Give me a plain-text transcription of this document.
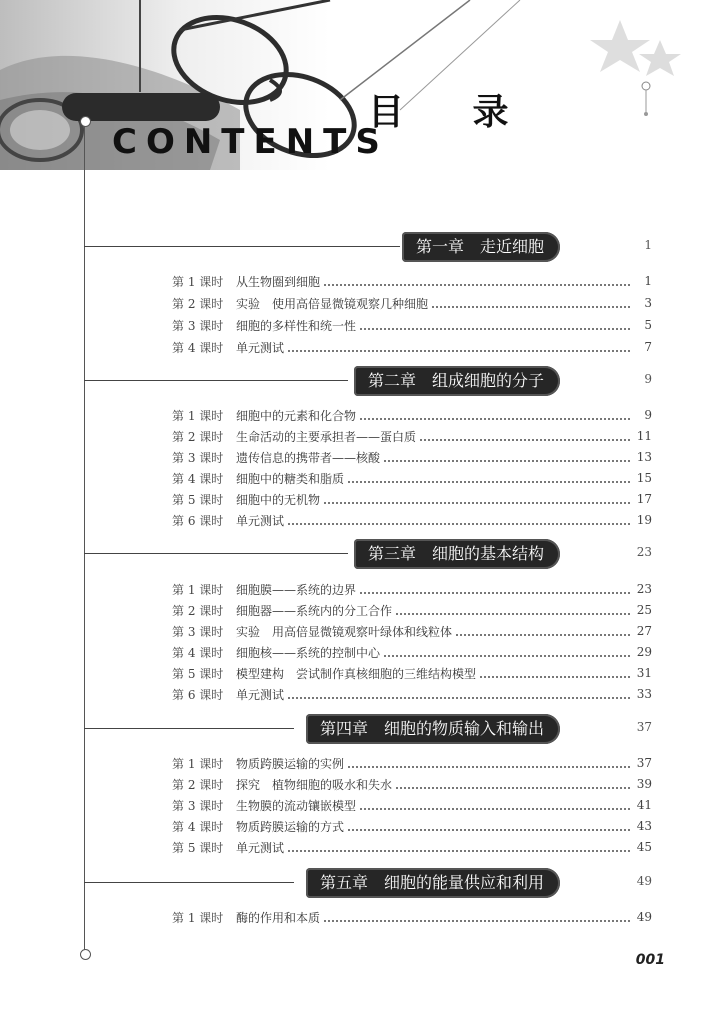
目 录
CONTENTS
第一章　走近细胞	1
第 1 课时	从生物圈到细胞	1
第 2 课时	实验　使用高倍显微镜观察几种细胞	3
第 3 课时	细胞的多样性和统一性	5
第 4 课时	单元测试	7
第二章　组成细胞的分子	9
第 1 课时	细胞中的元素和化合物	9
第 2 课时	生命活动的主要承担者——蛋白质	11
第 3 课时	遗传信息的携带者——核酸	13
第 4 课时	细胞中的糖类和脂质	15
第 5 课时	细胞中的无机物	17
第 6 课时	单元测试	19
第三章　细胞的基本结构	23
第 1 课时	细胞膜——系统的边界	23
第 2 课时	细胞器——系统内的分工合作	25
第 3 课时	实验　用高倍显微镜观察叶绿体和线粒体	27
第 4 课时	细胞核——系统的控制中心	29
第 5 课时	模型建构　尝试制作真核细胞的三维结构模型	31
第 6 课时	单元测试	33
第四章　细胞的物质输入和输出	37
第 1 课时	物质跨膜运输的实例	37
第 2 课时	探究　植物细胞的吸水和失水	39
第 3 课时	生物膜的流动镶嵌模型	41
第 4 课时	物质跨膜运输的方式	43
第 5 课时	单元测试	45
第五章　细胞的能量供应和利用	49
第 1 课时	酶的作用和本质	49
001
